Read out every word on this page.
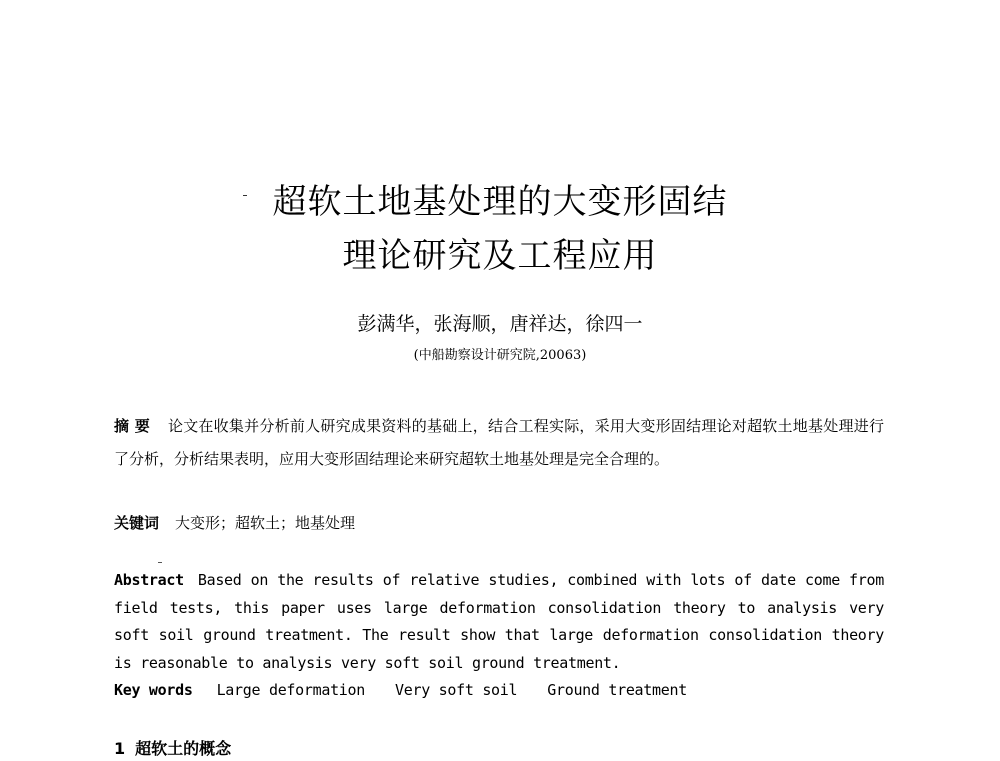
超软土地基处理的大变形固结
理论研究及工程应用
彭满华，张海顺，唐祥达，徐四一
(中船勘察设计研究院,20063)
摘 要 论文在收集并分析前人研究成果资料的基础上，结合工程实际，采用大变形固结理论对超软土地基处理进行了分析，分析结果表明，应用大变形固结理论来研究超软土地基处理是完全合理的。
关键词 大变形；超软土；地基处理
Abstract Based on the results of relative studies, combined with lots of date come from field tests, this paper uses large deformation consolidation theory to analysis very soft soil ground treatment. The result show that large deformation consolidation theory is reasonable to analysis very soft soil ground treatment.
Key words Large deformation Very soft soil Ground treatment
1 超软土的概念
